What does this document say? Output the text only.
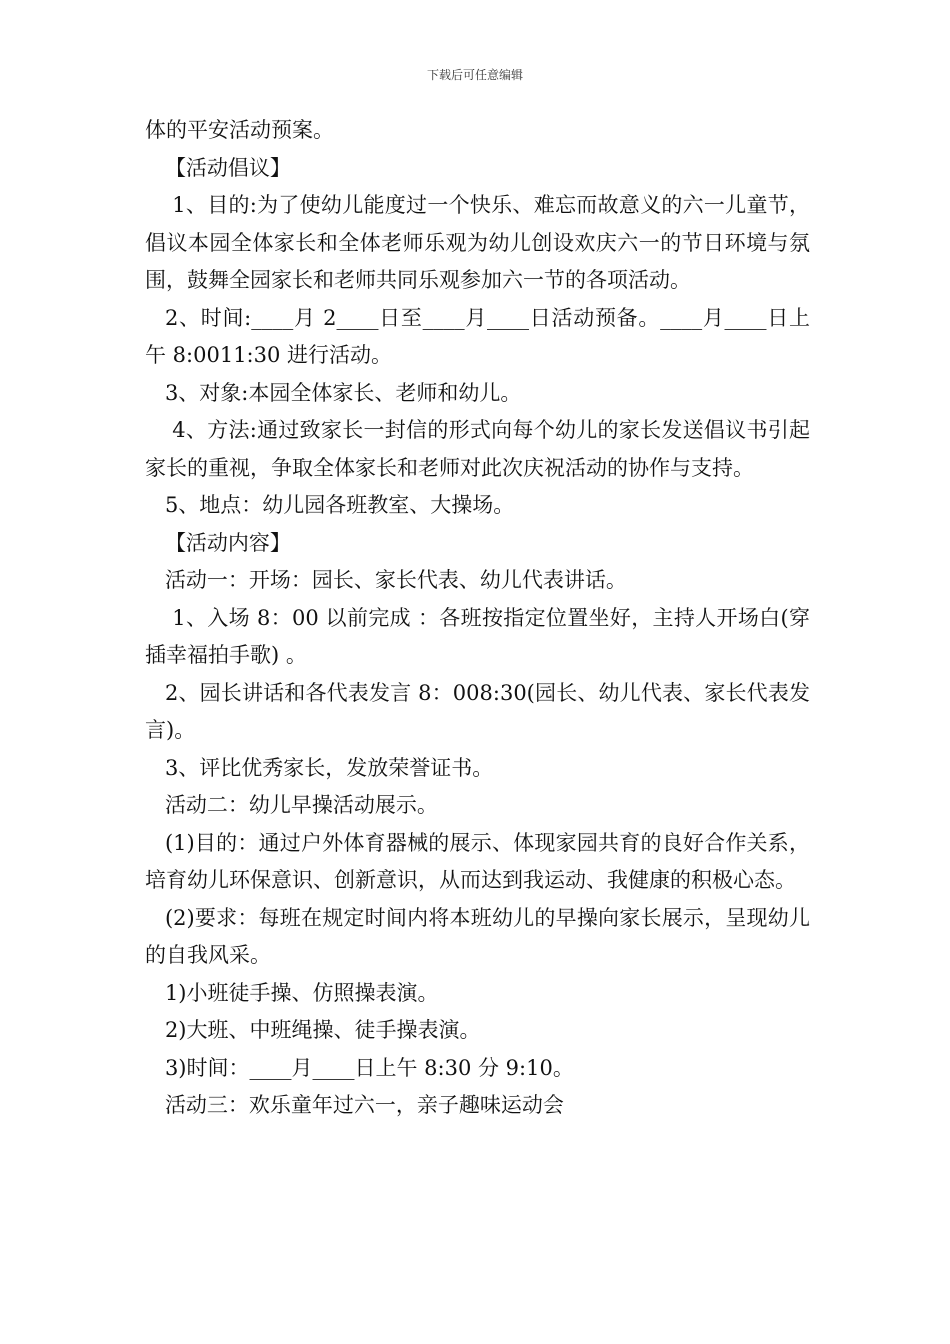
下载后可任意编辑

体的平安活动预案。

【活动倡议】

1、目的:为了使幼儿能度过一个快乐、难忘而故意义的六一儿童节，倡议本园全体家长和全体老师乐观为幼儿创设欢庆六一的节日环境与氛围，鼓舞全园家长和老师共同乐观参加六一节的各项活动。

2、时间:____月 2____日至____月____日活动预备。____月____日上午 8:0011:30 进行活动。

3、对象:本园全体家长、老师和幼儿。

4、方法:通过致家长一封信的形式向每个幼儿的家长发送倡议书引起家长的重视，争取全体家长和老师对此次庆祝活动的协作与支持。

5、地点：幼儿园各班教室、大操场。

【活动内容】

活动一：开场：园长、家长代表、幼儿代表讲话。

1、入场 8：00 以前完成 ：各班按指定位置坐好，主持人开场白(穿插幸福拍手歌) 。

2、园长讲话和各代表发言 8：008:30(园长、幼儿代表、家长代表发言)。

3、评比优秀家长，发放荣誉证书。

活动二：幼儿早操活动展示。

(1)目的：通过户外体育器械的展示、体现家园共育的良好合作关系，培育幼儿环保意识、创新意识，从而达到我运动、我健康的积极心态。

(2)要求：每班在规定时间内将本班幼儿的早操向家长展示，呈现幼儿的自我风采。

1)小班徒手操、仿照操表演。

2)大班、中班绳操、徒手操表演。

3)时间：____月____日上午 8:30 分 9:10。

活动三：欢乐童年过六一，亲子趣味运动会
